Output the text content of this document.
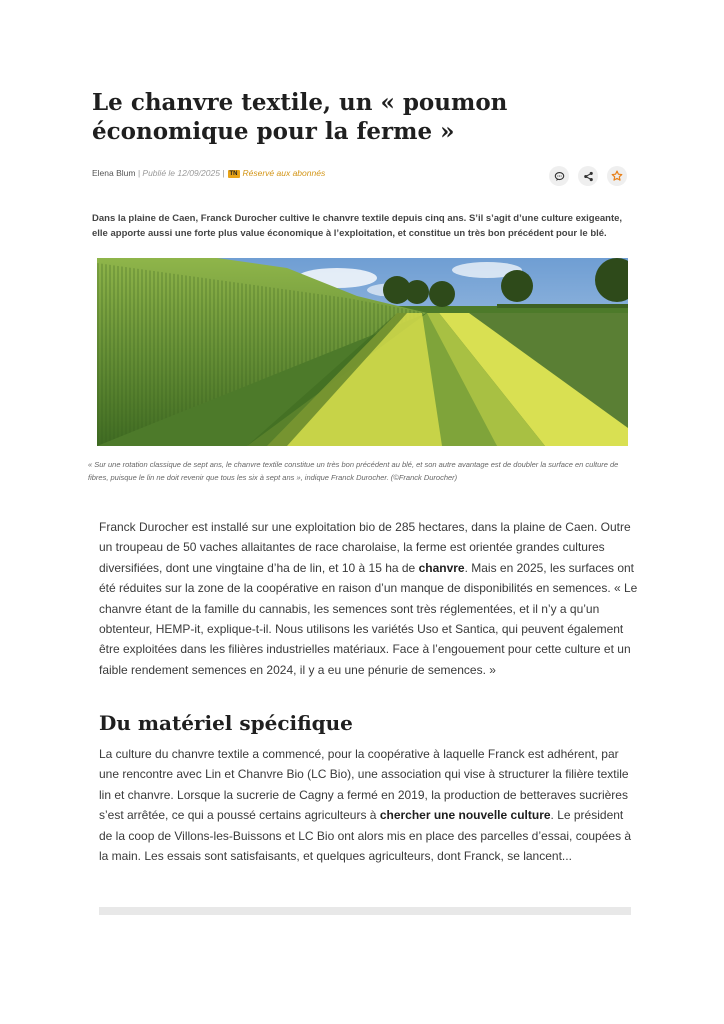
Le chanvre textile, un « poumon économique pour la ferme »
Elena Blum | Publié le 12/09/2025 | TN Réservé aux abonnés

Dans la plaine de Caen, Franck Durocher cultive le chanvre textile depuis cinq ans. S’il s’agit d’une culture exigeante, elle apporte aussi une forte plus value économique à l’exploitation, et constitue un très bon précédent pour le blé.

« Sur une rotation classique de sept ans, le chanvre textile constitue un très bon précédent au blé, et son autre avantage est de doubler la surface en culture de fibres, puisque le lin ne doit revenir que tous les six à sept ans », indique Franck Durocher. (©Franck Durocher)

Franck Durocher est installé sur une exploitation bio de 285 hectares, dans la plaine de Caen. Outre un troupeau de 50 vaches allaitantes de race charolaise, la ferme est orientée grandes cultures diversifiées, dont une vingtaine d’ha de lin, et 10 à 15 ha de chanvre. Mais en 2025, les surfaces ont été réduites sur la zone de la coopérative en raison d’un manque de disponibilités en semences. « Le chanvre étant de la famille du cannabis, les semences sont très réglementées, et il n’y a qu’un obtenteur, HEMP-it, explique-t-il. Nous utilisons les variétés Uso et Santica, qui peuvent également être exploitées dans les filières industrielles matériaux. Face à l’engouement pour cette culture et un faible rendement semences en 2024, il y a eu une pénurie de semences. »

Du matériel spécifique

La culture du chanvre textile a commencé, pour la coopérative à laquelle Franck est adhérent, par une rencontre avec Lin et Chanvre Bio (LC Bio), une association qui vise à structurer la filière textile lin et chanvre. Lorsque la sucrerie de Cagny a fermé en 2019, la production de betteraves sucrières s’est arrêtée, ce qui a poussé certains agriculteurs à chercher une nouvelle culture. Le président de la coop de Villons-les-Buissons et LC Bio ont alors mis en place des parcelles d’essai, coupées à la main. Les essais sont satisfaisants, et quelques agriculteurs, dont Franck, se lancent...
